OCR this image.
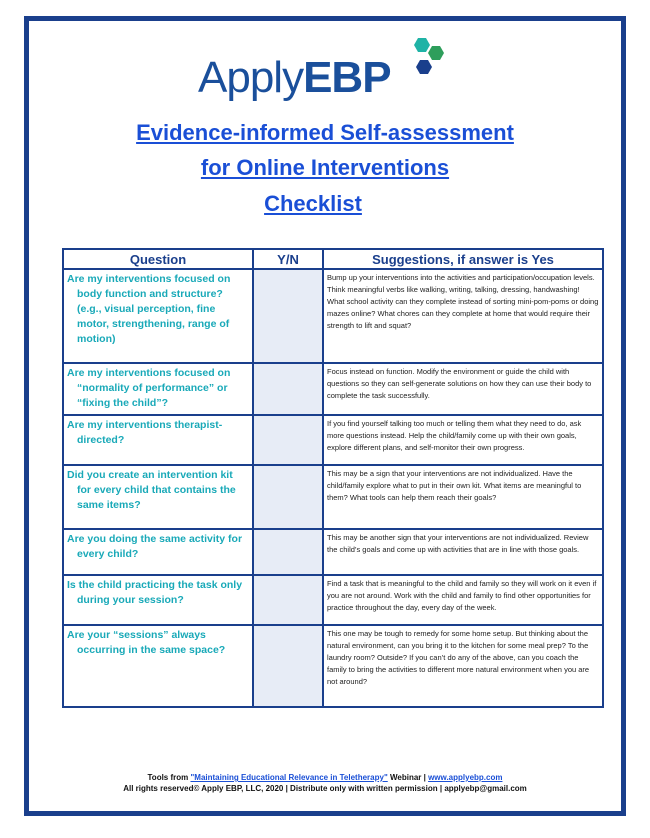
ApplyEBP
Evidence-informed Self-assessment
for Online Interventions
Checklist
Question	Y/N	Suggestions, if answer is Yes

Are my interventions focused on body function and structure? (e.g., visual perception, fine motor, strengthening, range of motion)		Bump up your interventions into the activities and participation/occupation levels. Think meaningful verbs like walking, writing, talking, dressing, handwashing! What school activity can they complete instead of sorting mini-pom-poms or doing mazes online? What chores can they complete at home that would require their strength to lift and squat?

Are my interventions focused on “normality of performance” or “fixing the child”?		Focus instead on function. Modify the environment or guide the child with questions so they can self-generate solutions on how they can use their body to complete the task successfully.

Are my interventions therapist-directed?		If you find yourself talking too much or telling them what they need to do, ask more questions instead. Help the child/family come up with their own goals, explore different plans, and self-monitor their own progress.

Did you create an intervention kit for every child that contains the same items?		This may be a sign that your interventions are not individualized. Have the child/family explore what to put in their own kit. What items are meaningful to them? What tools can help them reach their goals?

Are you doing the same activity for every child?		This may be another sign that your interventions are not individualized. Review the child’s goals and come up with activities that are in line with those goals.

Is the child practicing the task only during your session?		Find a task that is meaningful to the child and family so they will work on it even if you are not around. Work with the child and family to find other opportunities for practice throughout the day, every day of the week.

Are your “sessions” always occurring in the same space?		This one may be tough to remedy for some home setup. But thinking about the natural environment, can you bring it to the kitchen for some meal prep? To the laundry room? Outside? If you can’t do any of the above, can you coach the family to bring the activities to different more natural environment when you are not around?
Tools from "Maintaining Educational Relevance in Teletherapy" Webinar | www.applyebp.com
All rights reserved© Apply EBP, LLC, 2020 | Distribute only with written permission | applyebp@gmail.com
